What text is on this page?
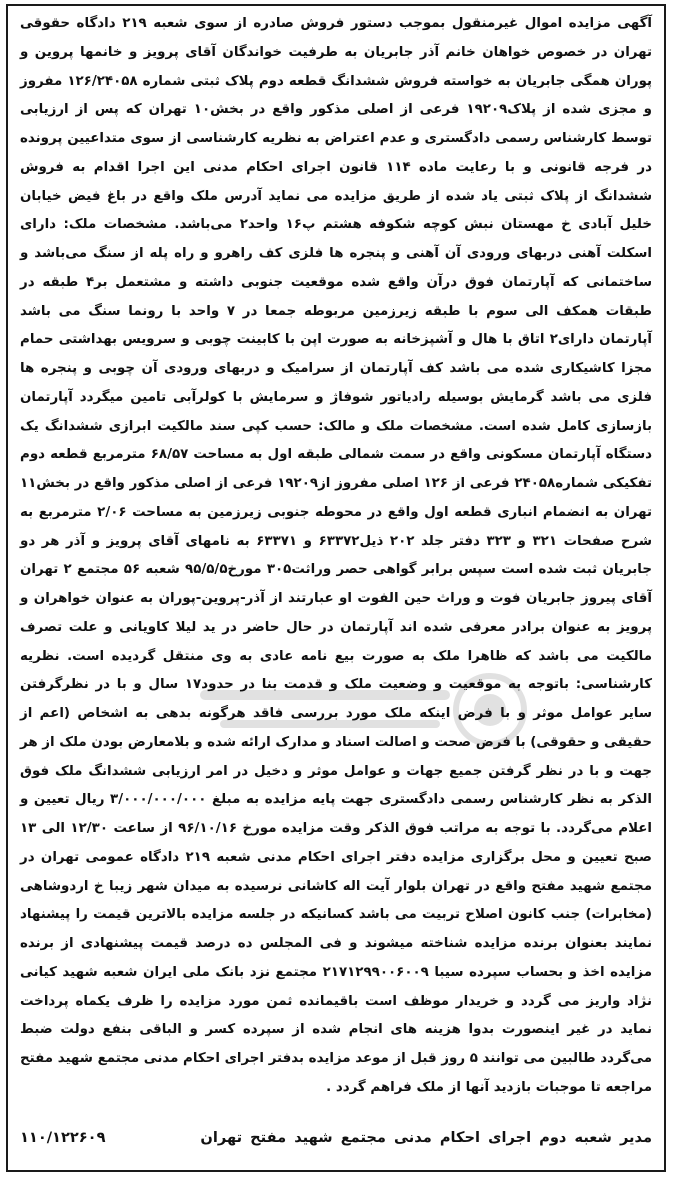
آگهی مزایده اموال غیرمنقول بموجب دستور فروش صادره از سوی شعبه ۲۱۹ دادگاه حقوقی تهران در خصوص خواهان خانم آذر جابریان به طرفیت خواندگان آقای پرویز و خانمها پروین و پوران همگی جابریان به خواسته فروش ششدانگ قطعه دوم پلاک ثبتی شماره ۱۲۶/۲۴۰۵۸ مفروز و مجزی شده از پلاک۱۹۲۰۹ فرعی از اصلی مذکور واقع در بخش۱۰ تهران که پس از ارزیابی توسط کارشناس رسمی دادگستری و عدم اعتراض به نظریه کارشناسی از سوی متداعیین پرونده در فرجه قانونی و با رعایت ماده ۱۱۴ قانون اجرای احکام مدنی این اجرا اقدام به فروش ششدانگ از پلاک ثبتی یاد شده از طریق مزایده می نماید آدرس ملک واقع در باغ فیض خیابان خلیل آبادی خ مهستان نبش کوچه شکوفه هشتم پ۱۶ واحد۲ می‌باشد. مشخصات ملک: دارای اسکلت آهنی دربهای ورودی آن آهنی و پنجره ها فلزی کف راهرو و راه پله از سنگ می‌باشد و ساختمانی که آپارتمان فوق درآن واقع شده موقعیت جنوبی داشته و مشتعمل بر۴ طبقه در طبقات همکف الی سوم با طبقه زیرزمین مربوطه جمعا در ۷ واحد با رونما سنگ می باشد آپارتمان دارای۲ اتاق با هال و آشپزخانه به صورت اپن با کابینت چوبی و سرویس بهداشتی حمام مجزا کاشیکاری شده می باشد کف آپارتمان از سرامیک و دربهای ورودی آن چوبی و پنجره ها فلزی می باشد گرمایش بوسیله رادیاتور شوفاژ و سرمایش با کولرآبی تامین میگردد آپارتمان بازسازی کامل شده است. مشخصات ملک و مالک: حسب کپی سند مالکیت ابرازی ششدانگ یک دستگاه آپارتمان مسکونی واقع در سمت شمالی طبقه اول به مساحت ۶۸/۵۷ مترمربع قطعه دوم تفکیکی شماره۲۴۰۵۸ فرعی از ۱۲۶ اصلی مفروز از۱۹۲۰۹ فرعی از اصلی مذکور واقع در بخش۱۱ تهران به انضمام انباری قطعه اول واقع در محوطه جنوبی زیرزمین به مساحت ۲/۰۶ مترمربع به شرح صفحات ۳۲۱ و ۳۲۳ دفتر جلد ۲۰۲ ذیل۶۳۳۷۲ و ۶۳۳۷۱ به نامهای آقای پرویز و آذر هر دو جابریان ثبت شده است سپس برابر گواهی حصر وراثت۳۰۵ مورخ۹۵/۵/۵ شعبه ۵۶ مجتمع ۲ تهران آقای پیروز جابریان فوت و وراث حین الفوت او عبارتند از آذر-پروین-پوران به عنوان خواهران و پرویز به عنوان برادر معرفی شده اند آپارتمان در حال حاضر در ید لیلا کاویانی و علت تصرف مالکیت می باشد که ظاهرا ملک به صورت بیع نامه عادی به وی منتقل گردیده است. نظریه کارشناسی: باتوجه به موقعیت و وضعیت ملک و قدمت بنا در حدود۱۷ سال و با در نظرگرفتن سایر عوامل موثر و با فرض اینکه ملک مورد بررسی فاقد هرگونه بدهی به اشخاص (اعم از حقیقی و حقوقی) با فرض صحت و اصالت اسناد و مدارک ارائه شده و بلامعارض بودن ملک از هر جهت و با در نظر گرفتن جمیع جهات و عوامل موثر و دخیل در امر ارزیابی ششدانگ ملک فوق الذکر به نظر کارشناس رسمی دادگستری جهت پایه مزایده به مبلغ ۳/۰۰۰/۰۰۰/۰۰۰ ریال تعیین و اعلام می‌گردد. با توجه به مراتب فوق الذکر وقت مزایده مورخ ۹۶/۱۰/۱۶ از ساعت ۱۲/۳۰ الی ۱۳ صبح تعیین و محل برگزاری مزایده دفتر اجرای احکام مدنی شعبه ۲۱۹ دادگاه عمومی تهران در مجتمع شهید مفتح واقع در تهران بلوار آیت اله کاشانی نرسیده به میدان شهر زیبا خ اردوشاهی (مخابرات) جنب کانون اصلاح تربیت می باشد کسانیکه در جلسه مزایده بالاترین قیمت را پیشنهاد نمایند بعنوان برنده مزایده شناخته میشوند و فی المجلس ده درصد قیمت پیشنهادی از برنده مزایده اخذ و بحساب سپرده سیبا ۲۱۷۱۲۹۹۰۰۶۰۰۹ مجتمع نزد بانک ملی ایران شعبه شهید کیانی نژاد واریز می گردد و خریدار موظف است باقیمانده ثمن مورد مزایده را ظرف یکماه پرداخت نماید در غیر اینصورت بدوا هزینه های انجام شده از سپرده کسر و الباقی بنفع دولت ضبط می‌گردد طالبین می توانند ۵ روز قبل از موعد مزایده بدفتر اجرای احکام مدنی مجتمع شهید مفتح مراجعه تا موجبات بازدید آنها از ملک فراهم گردد .

مدیر شعبه دوم اجرای احکام مدنی مجتمع شهید مفتح تهران
۱۱۰/۱۲۲۶۰۹
